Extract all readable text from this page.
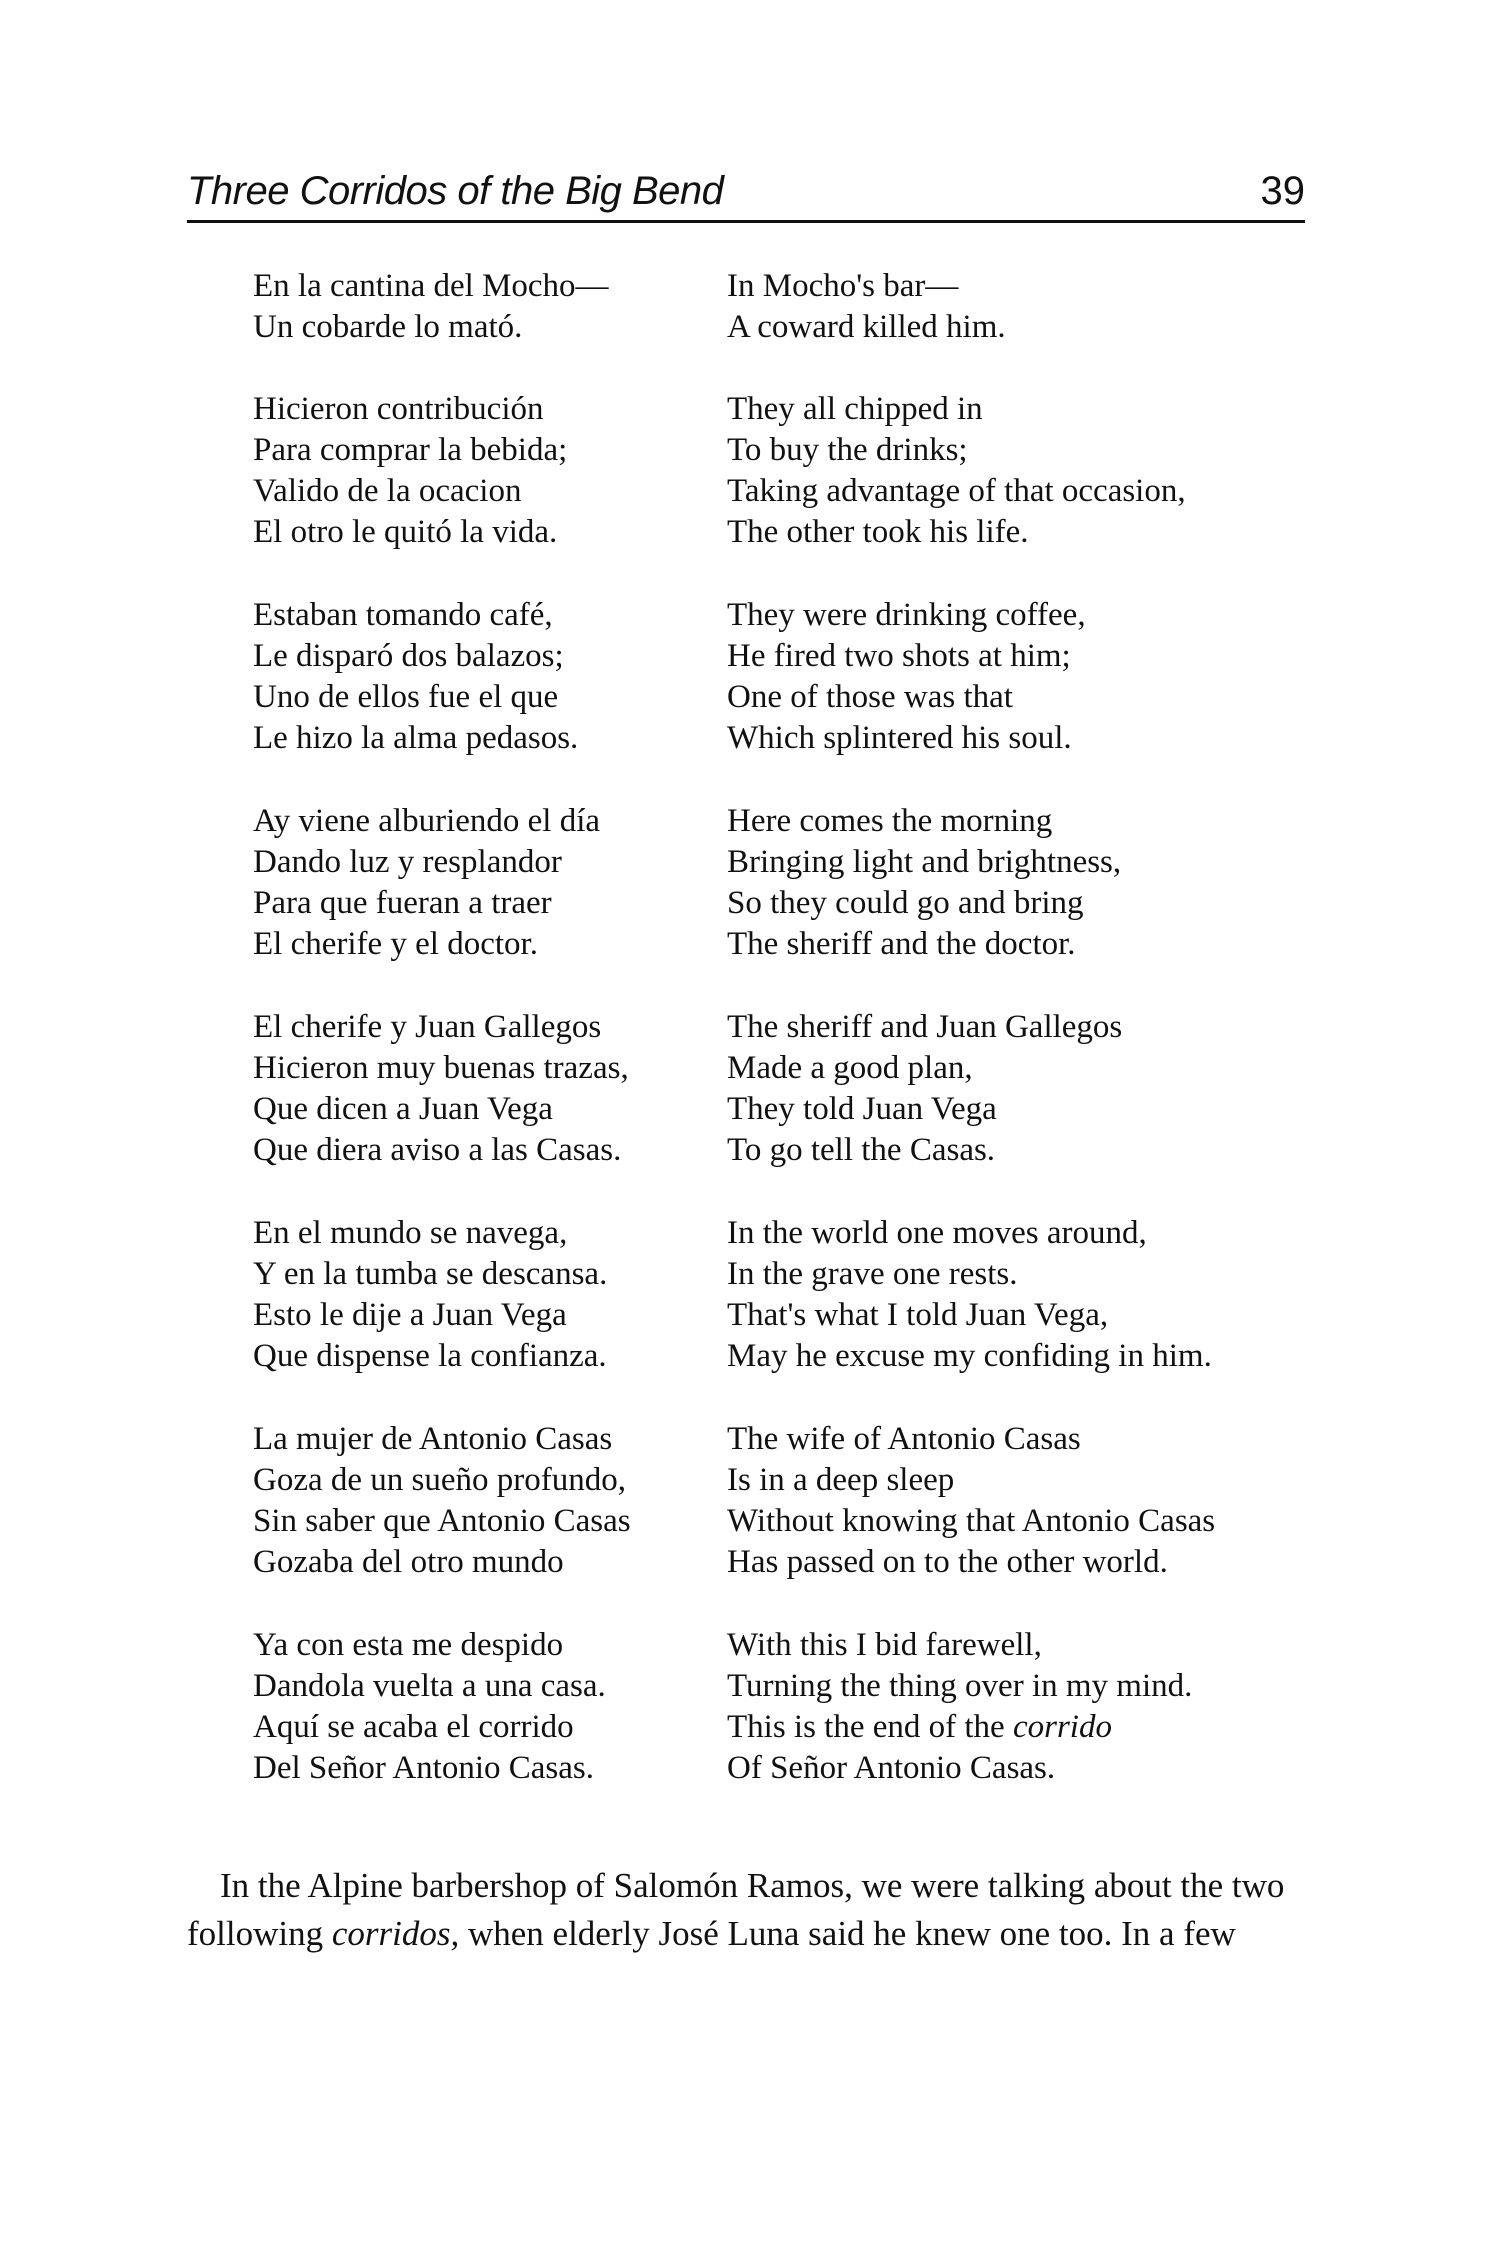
Three Corridos of the Big Bend	39
En la cantina del Mocho—
Un cobarde lo mató.
In Mocho's bar—
A coward killed him.
Hicieron contribución
Para comprar la bebida;
Valido de la ocacion
El otro le quitó la vida.
They all chipped in
To buy the drinks;
Taking advantage of that occasion,
The other took his life.
Estaban tomando café,
Le disparó dos balazos;
Uno de ellos fue el que
Le hizo la alma pedasos.
They were drinking coffee,
He fired two shots at him;
One of those was that
Which splintered his soul.
Ay viene alburiendo el día
Dando luz y resplandor
Para que fueran a traer
El cherife y el doctor.
Here comes the morning
Bringing light and brightness,
So they could go and bring
The sheriff and the doctor.
El cherife y Juan Gallegos
Hicieron muy buenas trazas,
Que dicen a Juan Vega
Que diera aviso a las Casas.
The sheriff and Juan Gallegos
Made a good plan,
They told Juan Vega
To go tell the Casas.
En el mundo se navega,
Y en la tumba se descansa.
Esto le dije a Juan Vega
Que dispense la confianza.
In the world one moves around,
In the grave one rests.
That's what I told Juan Vega,
May he excuse my confiding in him.
La mujer de Antonio Casas
Goza de un sueño profundo,
Sin saber que Antonio Casas
Gozaba del otro mundo
The wife of Antonio Casas
Is in a deep sleep
Without knowing that Antonio Casas
Has passed on to the other world.
Ya con esta me despido
Dandola vuelta a una casa.
Aquí se acaba el corrido
Del Señor Antonio Casas.
With this I bid farewell,
Turning the thing over in my mind.
This is the end of the corrido
Of Señor Antonio Casas.
In the Alpine barbershop of Salomón Ramos, we were talking about the two
following corridos, when elderly José Luna said he knew one too. In a few
